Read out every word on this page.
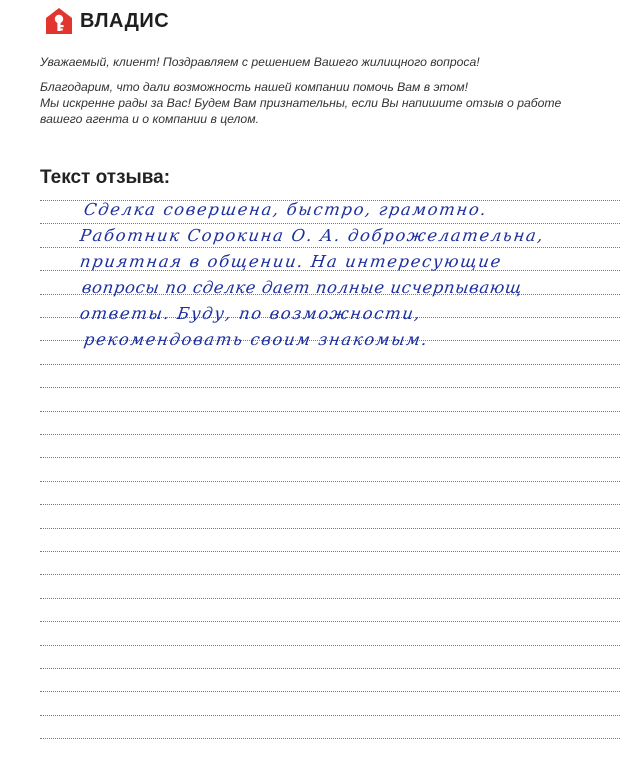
ВЛАДИС

Уважаемый, клиент! Поздравляем с решением Вашего жилищного вопроса!

Благодарим, что дали возможность нашей компании помочь Вам в этом!

Мы искренне рады за Вас! Будем Вам признательны, если Вы напишите отзыв о работе

вашего агента и о компании в целом.

Текст отзыва:
Сделка совершена, быстро, грамотно.
Работник Сорокина О. А. доброжелательна,
приятная в общении. На интересующие
вопросы по сделке дает полные исчерпывающ
ответы. Буду, по возможности,
рекомендовать своим знакомым.
